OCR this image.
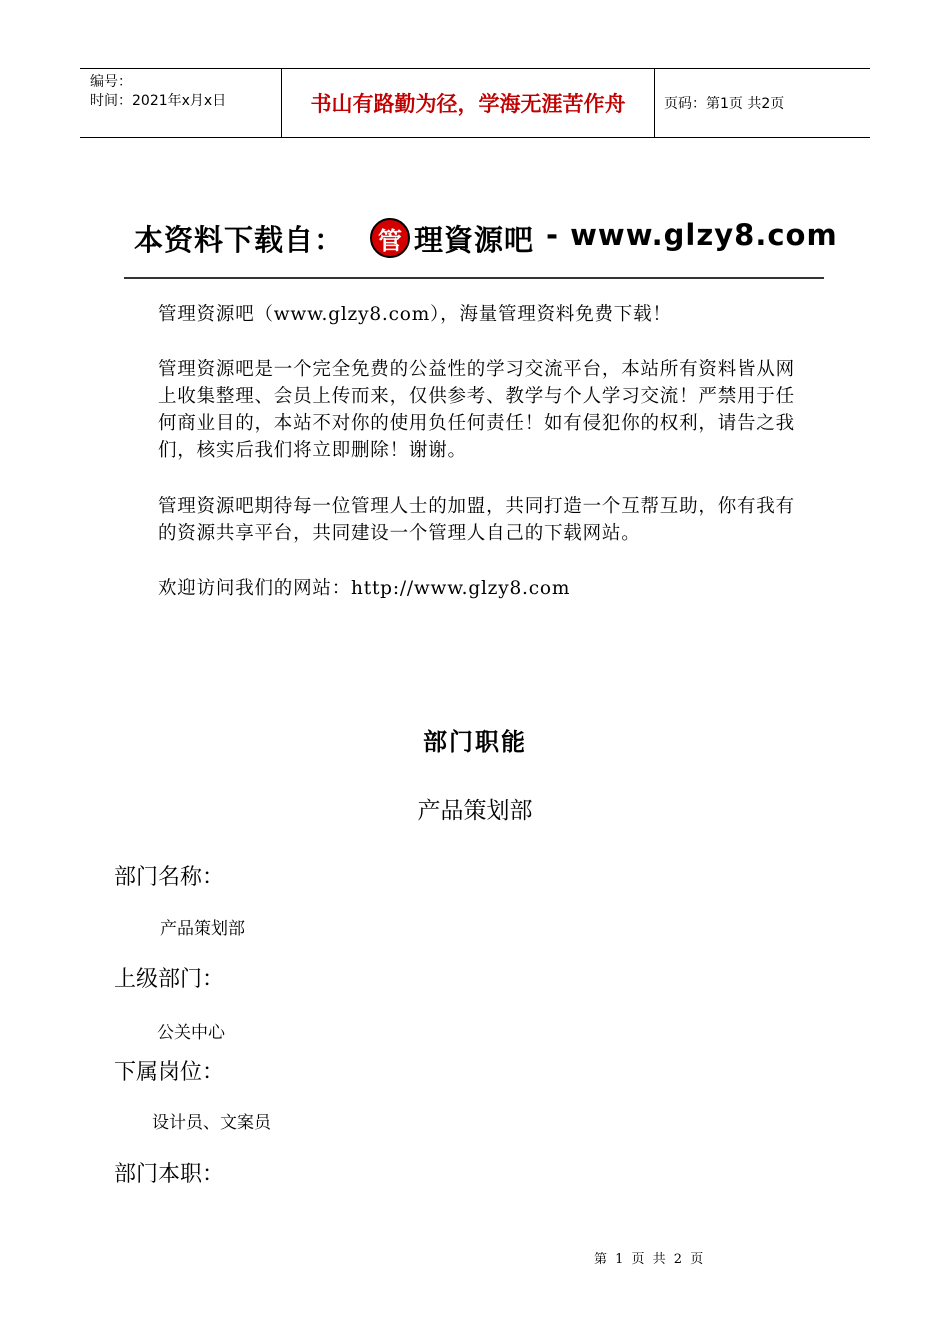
编号：
时间：2021年x月x日	书山有路勤为径，学海无涯苦作舟	页码：第1页 共2页
本资料下载自： 管 理資源吧 - www.glzy8.com
管理资源吧（www.glzy8.com），海量管理资料免费下载！
管理资源吧是一个完全免费的公益性的学习交流平台，本站所有资料皆从网上收集整理、会员上传而来，仅供参考、教学与个人学习交流！严禁用于任何商业目的，本站不对你的使用负任何责任！如有侵犯你的权利，请告之我们，核实后我们将立即删除！谢谢。
管理资源吧期待每一位管理人士的加盟，共同打造一个互帮互助，你有我有的资源共享平台，共同建设一个管理人自己的下载网站。
欢迎访问我们的网站：http://www.glzy8.com
部门职能
产品策划部
部门名称：
产品策划部
上级部门：
公关中心
下属岗位：
设计员、文案员
部门本职：
第 1 页 共 2 页
